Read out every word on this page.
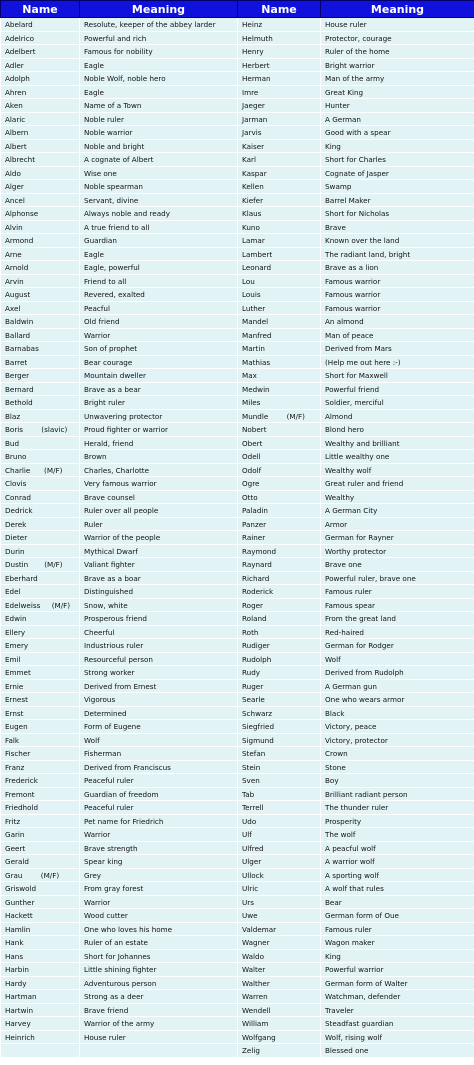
Name	Meaning	Name	Meaning
Abelard	Resolute, keeper of the abbey larder	Heinz	House ruler
Adelrico	Powerful and rich	Helmuth	Protector, courage
Adelbert	Famous for nobility	Henry	Ruler of the home
Adler	Eagle	Herbert	Bright warrior
Adolph	Noble Wolf, noble hero	Herman	Man of the army
Ahren	Eagle	Imre	Great King
Aken	Name of a Town	Jaeger	Hunter
Alaric	Noble ruler	Jarman	A German
Albern	Noble warrior	Jarvis	Good with a spear
Albert	Noble and bright	Kaiser	King
Albrecht	A cognate of Albert	Karl	Short for Charles
Aldo	Wise one	Kaspar	Cognate of Jasper
Alger	Noble spearman	Kellen	Swamp
Ancel	Servant, divine	Kiefer	Barrel Maker
Alphonse	Always noble and ready	Klaus	Short for Nicholas
Alvin	A true friend to all	Kuno	Brave
Armond	Guardian	Lamar	Known over the land
Arne	Eagle	Lambert	The radiant land, bright
Arnold	Eagle, powerful	Leonard	Brave as a lion
Arvin	Friend to all	Lou	Famous warrior
August	Revered, exalted	Louis	Famous warrior
Axel	Peacful	Luther	Famous warrior
Baldwin	Old friend	Mandel	An almond
Ballard	Warrior	Manfred	Man of peace
Barnabas	Son of prophet	Martin	Derived from Mars
Barret	Bear courage	Mathias	(Help me out here :-)
Berger	Mountain dweller	Max	Short for Maxwell
Bernard	Brave as a bear	Medwin	Powerful friend
Bethold	Bright ruler	Miles	Soldier, merciful
Blaz	Unwavering protector	Mundle        (M/F)	Almond
Boris        (slavic)	Proud fighter or warrior	Nobert	Blond hero
Bud	Herald, friend	Obert	Wealthy and brilliant
Bruno	Brown	Odell	Little wealthy one
Charlie      (M/F)	Charles, Charlotte	Odolf	Wealthy wolf
Clovis	Very famous warrior	Ogre	Great ruler and friend
Conrad	Brave counsel	Otto	Wealthy
Dedrick	Ruler over all people	Paladin	A German City
Derek	Ruler	Panzer	Armor
Dieter	Warrior of the people	Rainer	German for Rayner
Durin	Mythical Dwarf	Raymond	Worthy protector
Dustin       (M/F)	Valiant fighter	Raynard	Brave one
Eberhard	Brave as a boar	Richard	Powerful ruler, brave one
Edel	Distinguished	Roderick	Famous ruler
Edelweiss     (M/F)	Snow, white	Roger	Famous spear
Edwin	Prosperous friend	Roland	From the great land
Ellery	Cheerful	Roth	Red-haired
Emery	Industrious ruler	Rudiger	German for Rodger
Emil	Resourceful person	Rudolph	Wolf
Emmet	Strong worker	Rudy	Derived from Rudolph
Ernie	Derived from Ernest	Ruger	A German gun
Ernest	Vigorous	Searle	One who wears armor
Ernst	Determined	Schwarz	Black
Eugen	Form of Eugene	Siegfried	Victory, peace
Falk	Wolf	Sigmund	Victory, protector
Fischer	Fisherman	Stefan	Crown
Franz	Derived from Franciscus	Stein	Stone
Frederick	Peaceful ruler	Sven	Boy
Fremont	Guardian of freedom	Tab	Brilliant radiant person
Friedhold	Peaceful ruler	Terrell	The thunder ruler
Fritz	Pet name for Friedrich	Udo	Prosperity
Garin	Warrior	Ulf	The wolf
Geert	Brave strength	Ulfred	A peacful wolf
Gerald	Spear king	Ulger	A warrior wolf
Grau        (M/F)	Grey	Ullock	A sporting wolf
Griswold	From gray forest	Ulric	A wolf that rules
Gunther	Warrior	Urs	Bear
Hackett	Wood cutter	Uwe	German form of Oue
Hamlin	One who loves his home	Valdemar	Famous ruler
Hank	Ruler of an estate	Wagner	Wagon maker
Hans	Short for Johannes	Waldo	King
Harbin	Little shining fighter	Walter	Powerful warrior
Hardy	Adventurous person	Walther	German form of Walter
Hartman	Strong as a deer	Warren	Watchman, defender
Hartwin	Brave friend	Wendell	Traveler
Harvey	Warrior of the army	William	Steadfast guardian
Heinrich	House ruler	Wolfgang	Wolf, rising wolf
		Zelig	Blessed one
